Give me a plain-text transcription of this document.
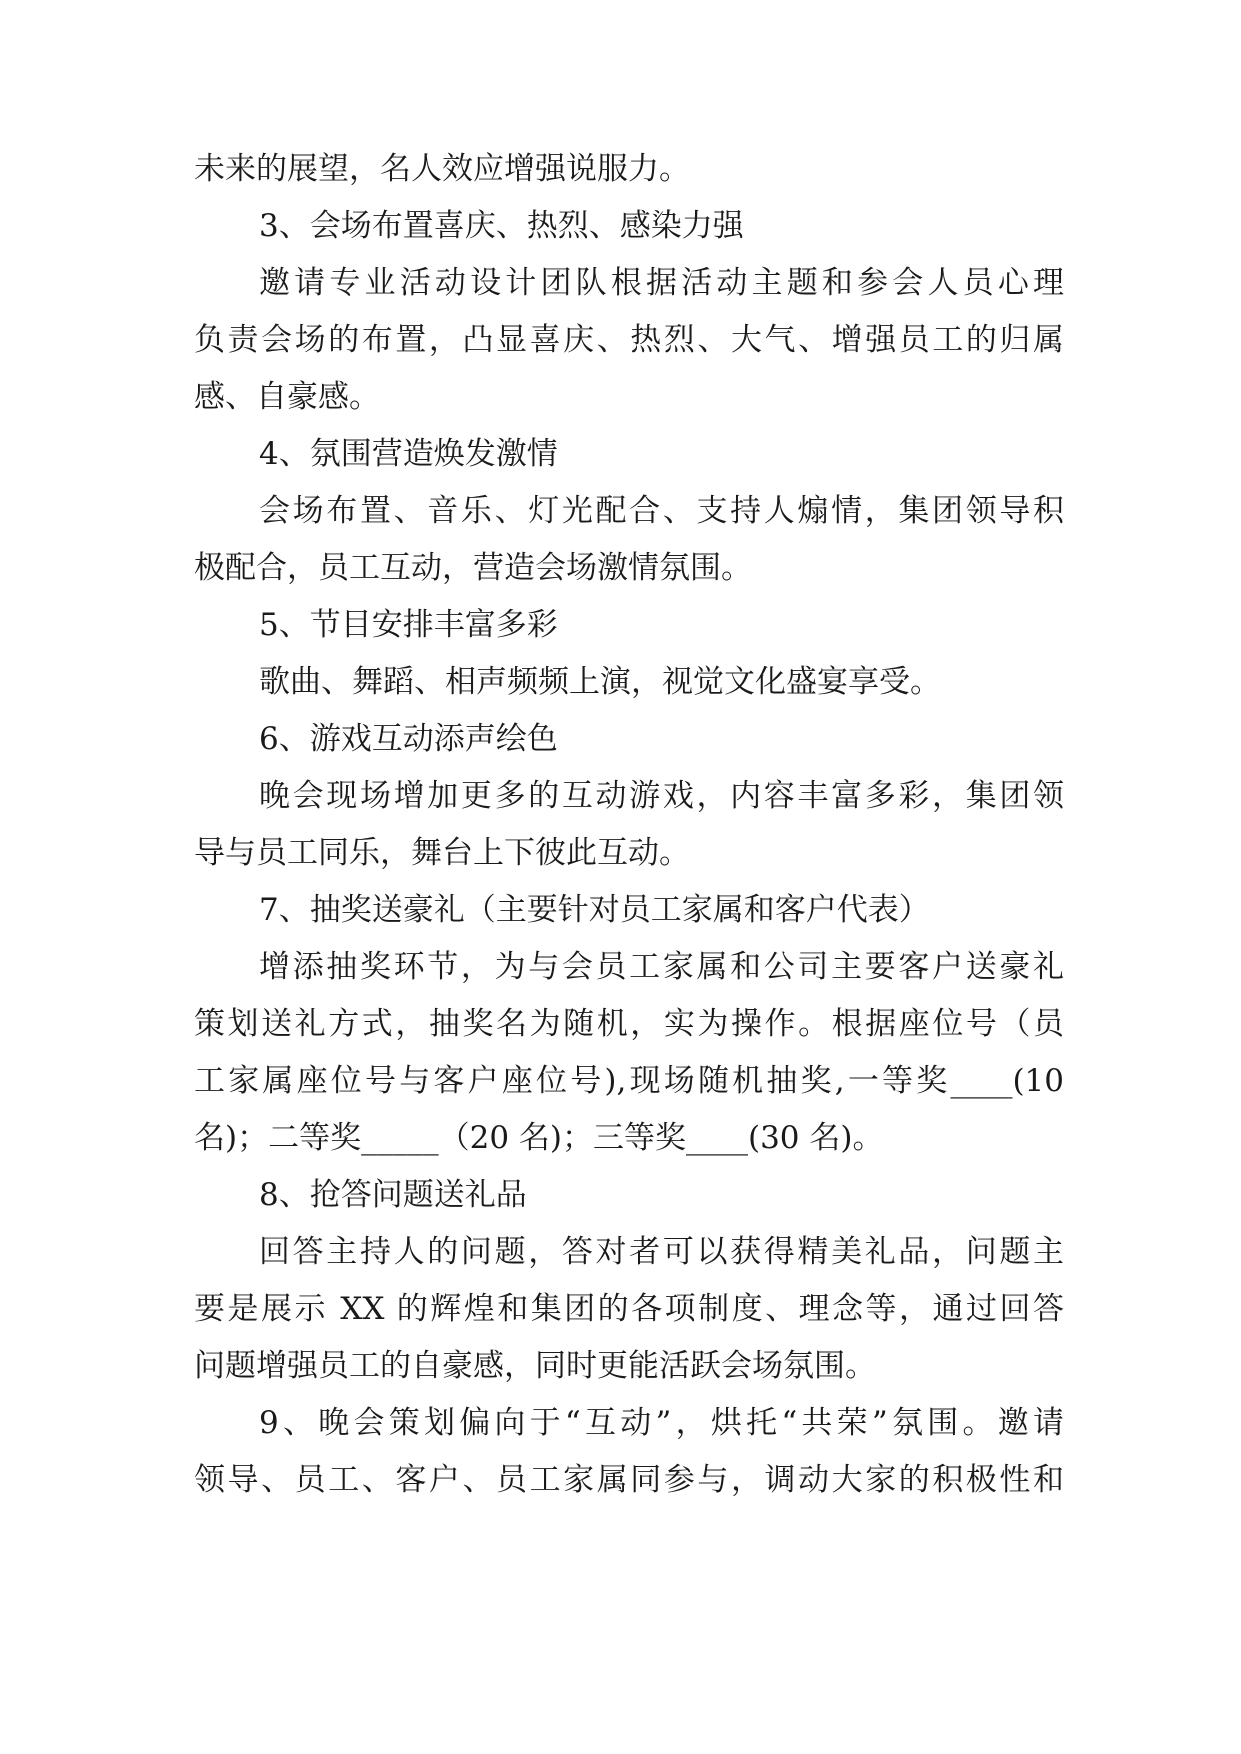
未来的展望，名人效应增强说服力。
3、会场布置喜庆、热烈、感染力强
邀请专业活动设计团队根据活动主题和参会人员心理
负责会场的布置，凸显喜庆、热烈、大气、增强员工的归属
感、自豪感。
4、氛围营造焕发激情
会场布置、音乐、灯光配合、支持人煽情，集团领导积
极配合，员工互动，营造会场激情氛围。
5、节目安排丰富多彩
歌曲、舞蹈、相声频频上演，视觉文化盛宴享受。
6、游戏互动添声绘色
晚会现场增加更多的互动游戏，内容丰富多彩，集团领
导与员工同乐，舞台上下彼此互动。
7、抽奖送豪礼（主要针对员工家属和客户代表）
增添抽奖环节，为与会员工家属和公司主要客户送豪礼
策划送礼方式，抽奖名为随机，实为操作。根据座位号（员
工家属座位号与客户座位号),现场随机抽奖,一等奖____(10
名)；二等奖_____（20 名)；三等奖____(30 名)。
8、抢答问题送礼品
回答主持人的问题，答对者可以获得精美礼品，问题主
要是展示 XX 的辉煌和集团的各项制度、理念等，通过回答
问题增强员工的自豪感，同时更能活跃会场氛围。
9、晚会策划偏向于“互动”，烘托“共荣”氛围。邀请
领导、员工、客户、员工家属同参与，调动大家的积极性和
